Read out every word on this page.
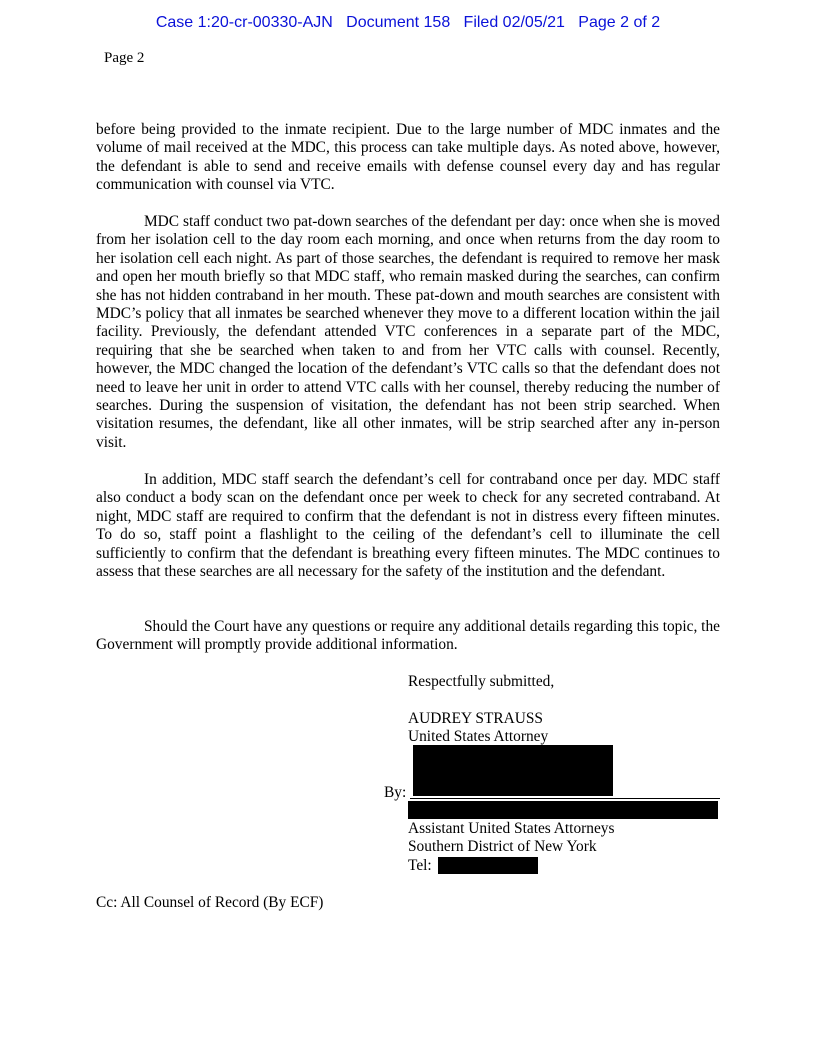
Case 1:20-cr-00330-AJN   Document 158   Filed 02/05/21   Page 2 of 2
Page 2

before being provided to the inmate recipient. Due to the large number of MDC inmates and the volume of mail received at the MDC, this process can take multiple days. As noted above, however, the defendant is able to send and receive emails with defense counsel every day and has regular communication with counsel via VTC.

MDC staff conduct two pat-down searches of the defendant per day: once when she is moved from her isolation cell to the day room each morning, and once when returns from the day room to her isolation cell each night. As part of those searches, the defendant is required to remove her mask and open her mouth briefly so that MDC staff, who remain masked during the searches, can confirm she has not hidden contraband in her mouth. These pat-down and mouth searches are consistent with MDC’s policy that all inmates be searched whenever they move to a different location within the jail facility. Previously, the defendant attended VTC conferences in a separate part of the MDC, requiring that she be searched when taken to and from her VTC calls with counsel. Recently, however, the MDC changed the location of the defendant’s VTC calls so that the defendant does not need to leave her unit in order to attend VTC calls with her counsel, thereby reducing the number of searches. During the suspension of visitation, the defendant has not been strip searched. When visitation resumes, the defendant, like all other inmates, will be strip searched after any in-person visit.

In addition, MDC staff search the defendant’s cell for contraband once per day. MDC staff also conduct a body scan on the defendant once per week to check for any secreted contraband. At night, MDC staff are required to confirm that the defendant is not in distress every fifteen minutes. To do so, staff point a flashlight to the ceiling of the defendant’s cell to illuminate the cell sufficiently to confirm that the defendant is breathing every fifteen minutes. The MDC continues to assess that these searches are all necessary for the safety of the institution and the defendant.

Should the Court have any questions or require any additional details regarding this topic, the Government will promptly provide additional information.

Respectfully submitted,
AUDREY STRAUSS
United States Attorney
By:
Assistant United States Attorneys
Southern District of New York
Tel:
Cc: All Counsel of Record (By ECF)
